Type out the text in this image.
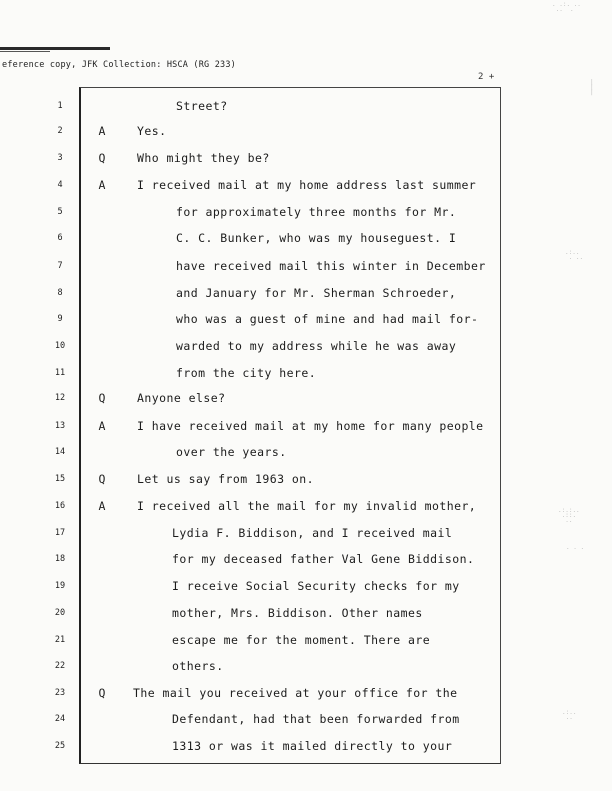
eference copy, JFK Collection: HSCA (RG 233)
2 +
1	Street?
2	A	Yes.
3	Q	Who might they be?
4	A	I received mail at my home address last summer
5	for approximately three months for Mr.
6	C. C. Bunker, who was my houseguest. I
7	have received mail this winter in December
8	and January for Mr. Sherman Schroeder,
9	who was a guest of mine and had mail for-
10	warded to my address while he was away
11	from the city here.
12	Q	Anyone else?
13	A	I have received mail at my home for many people
14	over the years.
15	Q	Let us say from 1963 on.
16	A	I received all the mail for my invalid mother,
17	Lydia F. Biddison, and I received mail
18	for my deceased father Val Gene Biddison.
19	I receive Social Security checks for my
20	mother, Mrs. Biddison. Other names
21	escape me for the moment. There are
22	others.
23	Q The mail you received at your office for the
24	Defendant, had that been forwarded from
25	1313 or was it mailed directly to your
. .:. ..
..  .
.:..
. ..
.:.:..
.::.
..
. . .
.:..
..
|
|
|
